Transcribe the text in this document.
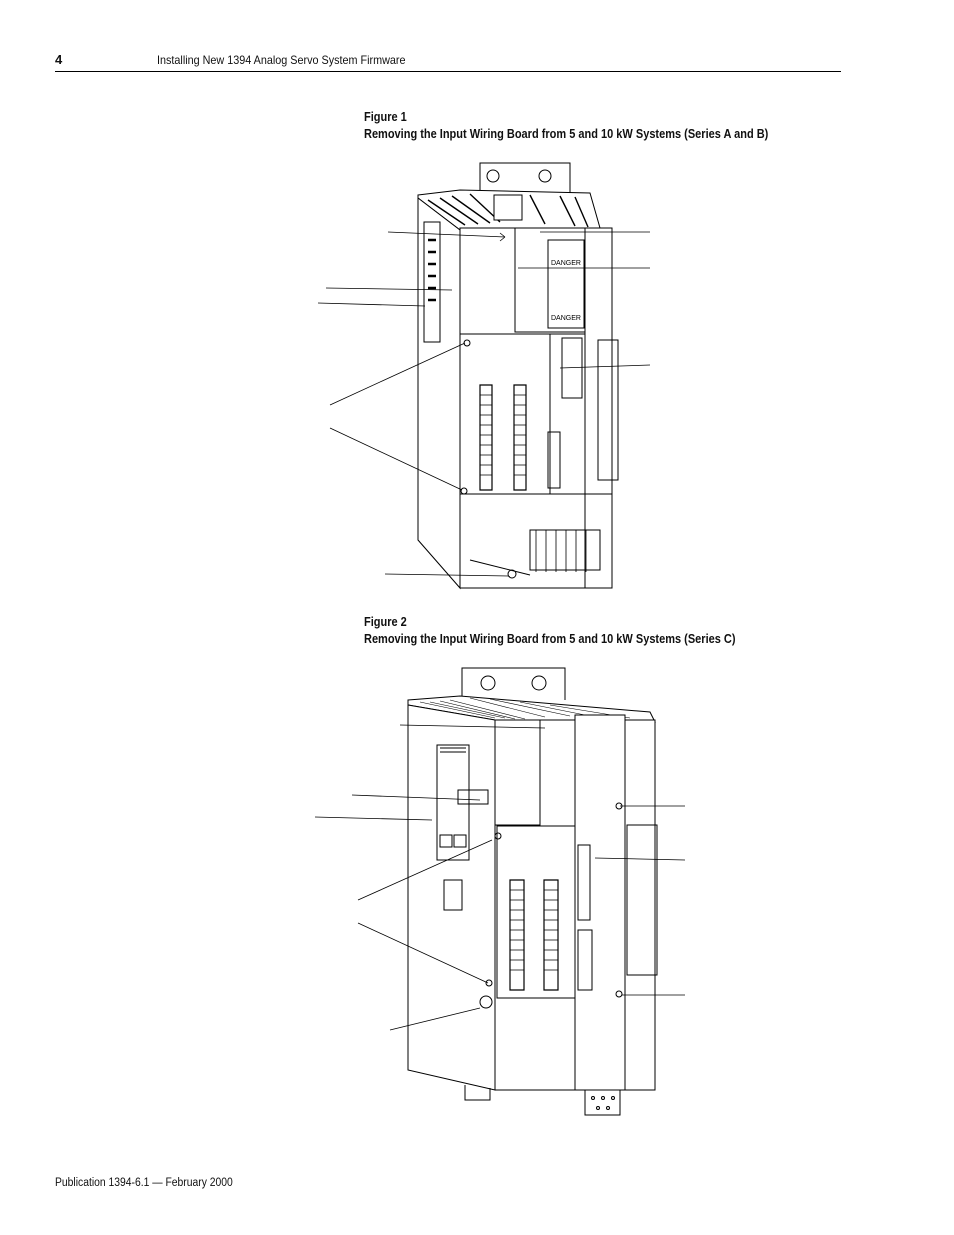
4	Installing New 1394 Analog Servo System Firmware
Figure 1
Removing the Input Wiring Board from 5 and 10 kW Systems (Series A and B)
DANGER
DANGER
Figure 2
Removing the Input Wiring Board from 5 and 10 kW Systems (Series C)
Publication 1394-6.1 — February 2000
